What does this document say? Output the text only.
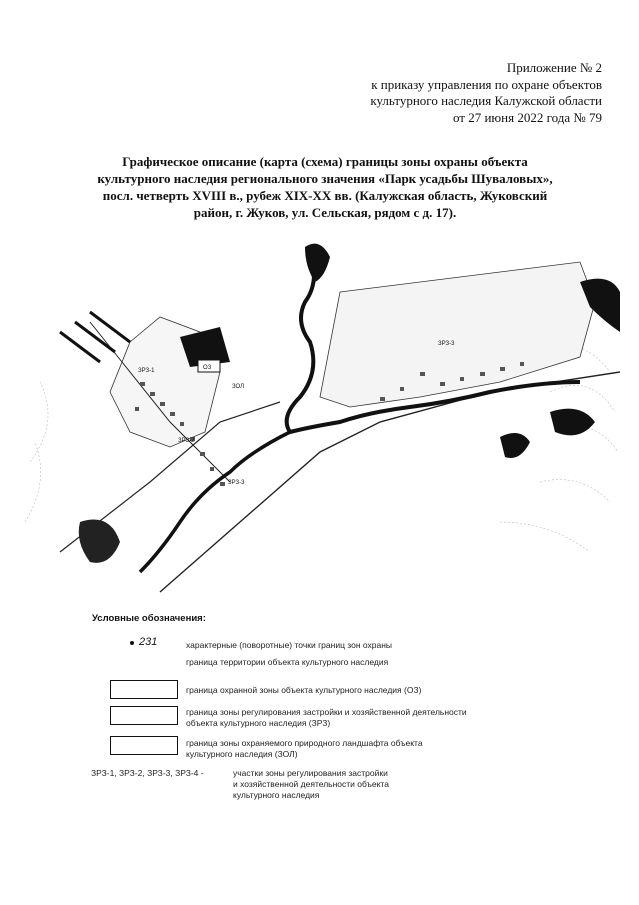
Приложение № 2
к приказу управления по охране объектов
культурного наследия Калужской области
от 27 июня 2022 года № 79
Графическое описание (карта (схема) границы зоны охраны объекта
культурного наследия регионального значения «Парк усадьбы Шуваловых»,
посл. четверть XVIII в., рубеж XIX-XX вв. (Калужская область, Жуковский
район, г. Жуков, ул. Сельская, рядом с д. 17).
ЗРЗ-1
ЗРЗ-2
ЗРЗ-3
ЗРЗ-3
ОЗ
ЗОЛ
Условные обозначения:
231	характерные (поворотные) точки границ зон охраны
граница территории объекта культурного наследия
граница охранной зоны объекта культурного наследия (ОЗ)
граница зоны регулирования застройки и хозяйственной деятельности
объекта культурного наследия (ЗРЗ)
граница зоны охраняемого природного ландшафта объекта
культурного наследия (ЗОЛ)
ЗРЗ-1, ЗРЗ-2, ЗРЗ-3, ЗРЗ-4 -	участки зоны регулирования застройки
и хозяйственной деятельности объекта
культурного наследия
